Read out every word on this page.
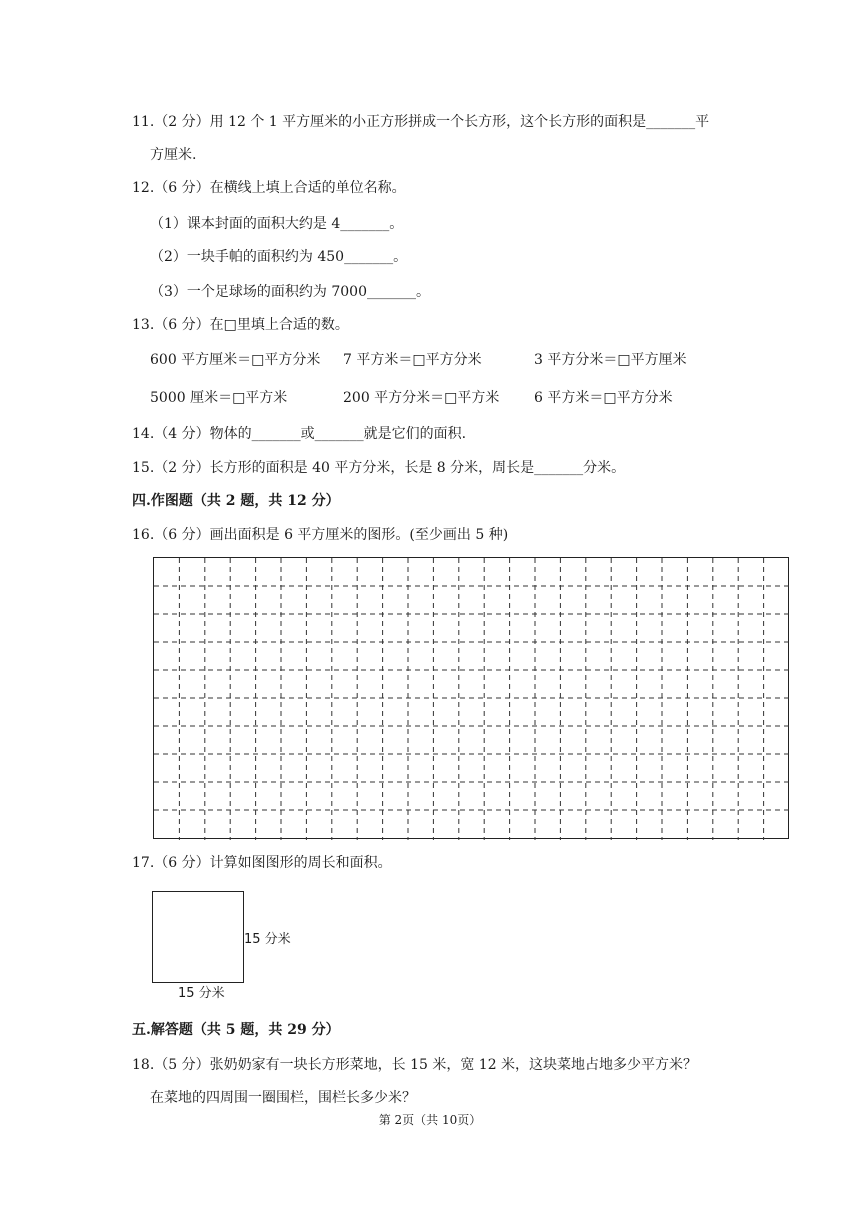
11.（2 分）用 12 个 1 平方厘米的小正方形拼成一个长方形，这个长方形的面积是_______平
方厘米.
12.（6 分）在横线上填上合适的单位名称。
（1）课本封面的面积大约是 4_______。
（2）一块手帕的面积约为 450_______。
（3）一个足球场的面积约为 7000_______。
13.（6 分）在□里填上合适的数。
600 平方厘米＝□平方分米 7 平方米＝□平方分米	3 平方分米＝□平方厘米
5000 厘米＝□平方米	200 平方分米＝□平方米 6 平方米＝□平方分米
14.（4 分）物体的_______或_______就是它们的面积.
15.（2 分）长方形的面积是 40 平方分米，长是 8 分米，周长是_______分米。
四.作图题（共 2 题，共 12 分）
16.（6 分）画出面积是 6 平方厘米的图形。(至少画出 5 种)
17.（6 分）计算如图图形的周长和面积。
15 分米
15 分米
五.解答题（共 5 题，共 29 分）
18.（5 分）张奶奶家有一块长方形菜地，长 15 米，宽 12 米，这块菜地占地多少平方米？
在菜地的四周围一圈围栏，围栏长多少米？
第 2页（共 10页）
